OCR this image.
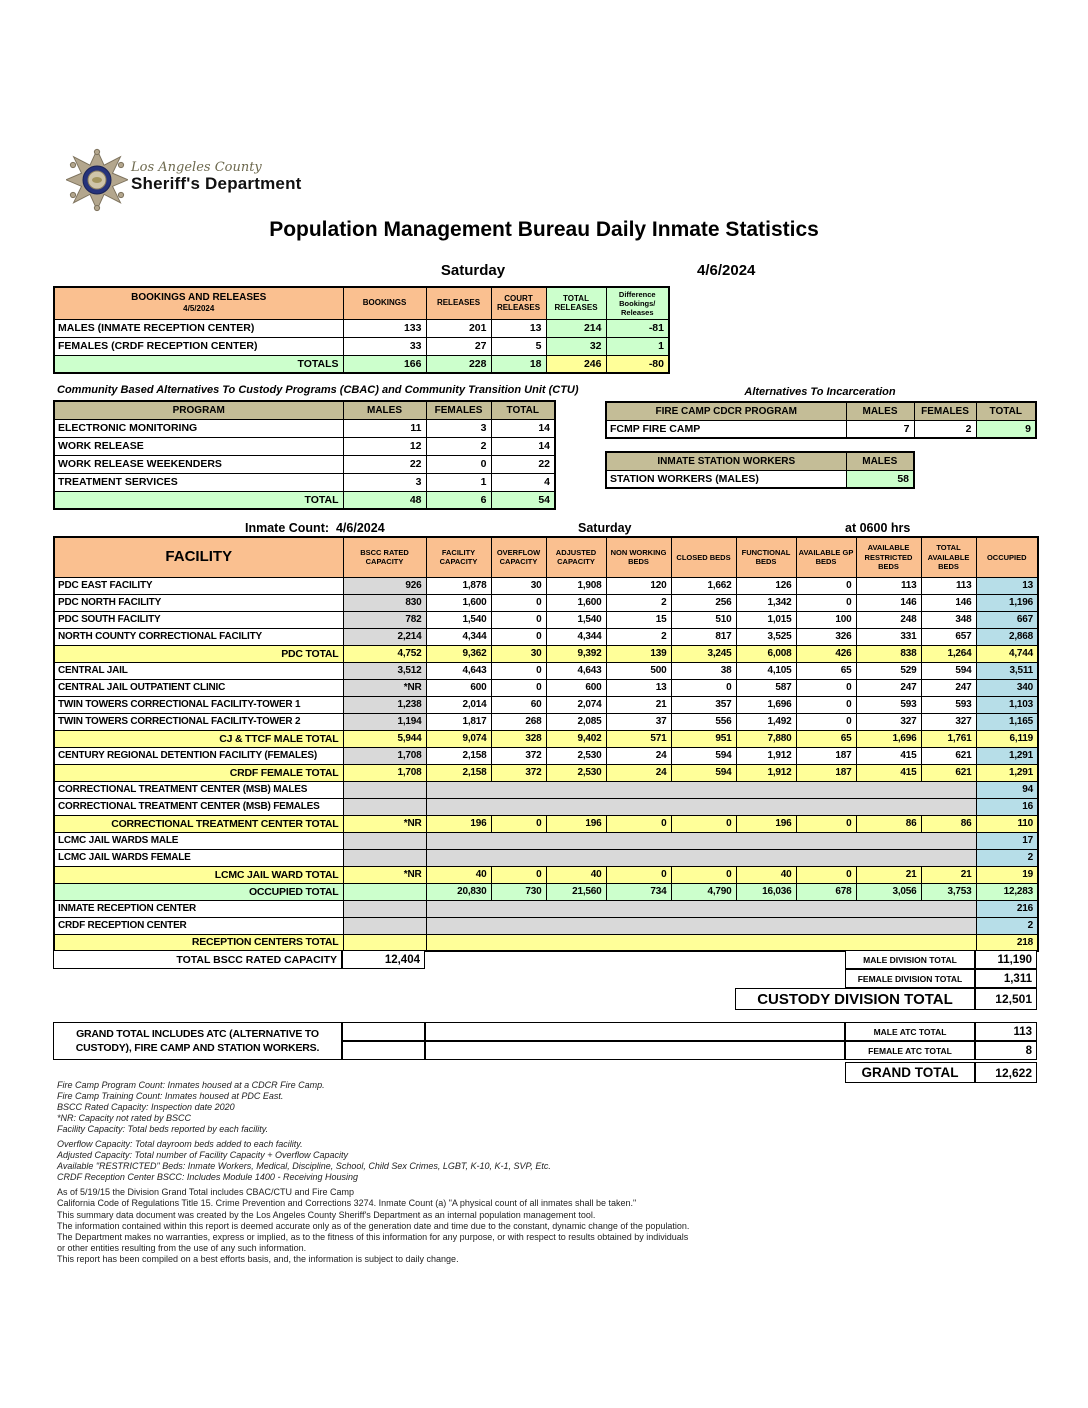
Los Angeles County
Sheriff's Department
Population Management Bureau Daily Inmate Statistics
Saturday	4/6/2024
BOOKINGS AND RELEASES
4/5/2024	BOOKINGS	RELEASES	COURT RELEASES	TOTAL RELEASES	Difference Bookings/ Releases
MALES (INMATE RECEPTION CENTER)	133	201	13	214	-81
FEMALES (CRDF RECEPTION CENTER)	33	27	5	32	1
TOTALS	166	228	18	246	-80
Community Based Alternatives To Custody Programs (CBAC) and Community Transition Unit (CTU)
PROGRAM	MALES	FEMALES	TOTAL
ELECTRONIC MONITORING	11	3	14
WORK RELEASE	12	2	14
WORK RELEASE WEEKENDERS	22	0	22
TREATMENT SERVICES	3	1	4
TOTAL	48	6	54
Alternatives To Incarceration
FIRE CAMP CDCR PROGRAM	MALES	FEMALES	TOTAL
FCMP FIRE CAMP	7	2	9
INMATE STATION WORKERS	MALES
STATION WORKERS (MALES)	58
Inmate Count: 4/6/2024	Saturday	at 0600 hrs
FACILITY	BSCC RATED CAPACITY	FACILITY CAPACITY	OVERFLOW CAPACITY	ADJUSTED CAPACITY	NON WORKING BEDS	CLOSED BEDS	FUNCTIONAL BEDS	AVAILABLE GP BEDS	AVAILABLE RESTRICTED BEDS	TOTAL AVAILABLE BEDS	OCCUPIED
PDC EAST FACILITY	926	1,878	30	1,908	120	1,662	126	0	113	113	13
PDC NORTH FACILITY	830	1,600	0	1,600	2	256	1,342	0	146	146	1,196
PDC SOUTH FACILITY	782	1,540	0	1,540	15	510	1,015	100	248	348	667
NORTH COUNTY CORRECTIONAL FACILITY	2,214	4,344	0	4,344	2	817	3,525	326	331	657	2,868
PDC TOTAL	4,752	9,362	30	9,392	139	3,245	6,008	426	838	1,264	4,744
CENTRAL JAIL	3,512	4,643	0	4,643	500	38	4,105	65	529	594	3,511
CENTRAL JAIL OUTPATIENT CLINIC	*NR	600	0	600	13	0	587	0	247	247	340
TWIN TOWERS CORRECTIONAL FACILITY-TOWER 1	1,238	2,014	60	2,074	21	357	1,696	0	593	593	1,103
TWIN TOWERS CORRECTIONAL FACILITY-TOWER 2	1,194	1,817	268	2,085	37	556	1,492	0	327	327	1,165
CJ & TTCF MALE TOTAL	5,944	9,074	328	9,402	571	951	7,880	65	1,696	1,761	6,119
CENTURY REGIONAL DETENTION FACILITY (FEMALES)	1,708	2,158	372	2,530	24	594	1,912	187	415	621	1,291
CRDF FEMALE TOTAL	1,708	2,158	372	2,530	24	594	1,912	187	415	621	1,291
CORRECTIONAL TREATMENT CENTER (MSB) MALES											94
CORRECTIONAL TREATMENT CENTER (MSB) FEMALES											16
CORRECTIONAL TREATMENT CENTER TOTAL	*NR	196	0	196	0	0	196	0	86	86	110
LCMC JAIL WARDS MALE											17
LCMC JAIL WARDS FEMALE											2
LCMC JAIL WARD TOTAL	*NR	40	0	40	0	0	40	0	21	21	19
OCCUPIED TOTAL		20,830	730	21,560	734	4,790	16,036	678	3,056	3,753	12,283
INMATE RECEPTION CENTER											216
CRDF RECEPTION CENTER											2
RECEPTION CENTERS TOTAL											218
TOTAL BSCC RATED CAPACITY	12,404	MALE DIVISION TOTAL	11,190
FEMALE DIVISION TOTAL	1,311
CUSTODY DIVISION TOTAL	12,501
GRAND TOTAL INCLUDES ATC (ALTERNATIVE TO
CUSTODY), FIRE CAMP AND STATION WORKERS.
MALE ATC TOTAL	113
FEMALE ATC TOTAL	8
GRAND TOTAL	12,622
Fire Camp Program Count: Inmates housed at a CDCR Fire Camp.
Fire Camp Training Count: Inmates housed at PDC East.
BSCC Rated Capacity: Inspection date 2020
*NR: Capacity not rated by BSCC
Facility Capacity: Total beds reported by each facility.
Overflow Capacity: Total dayroom beds added to each facility.
Adjusted Capacity: Total number of Facility Capacity + Overflow Capacity
Available "RESTRICTED" Beds: Inmate Workers, Medical, Discipline, School, Child Sex Crimes, LGBT, K-10, K-1, SVP, Etc.
CRDF Reception Center BSCC: Includes Module 1400 - Receiving Housing
As of 5/19/15 the Division Grand Total includes CBAC/CTU and Fire Camp
California Code of Regulations Title 15. Crime Prevention and Corrections 3274. Inmate Count (a) "A physical count of all inmates shall be taken."
This summary data document was created by the Los Angeles County Sheriff's Department as an internal population management tool.
The information contained within this report is deemed accurate only as of the generation date and time due to the constant, dynamic change of the population.
The Department makes no warranties, express or implied, as to the fitness of this information for any purpose, or with respect to results obtained by individuals
or other entities resulting from the use of any such information.
This report has been compiled on a best efforts basis, and, the information is subject to daily change.
